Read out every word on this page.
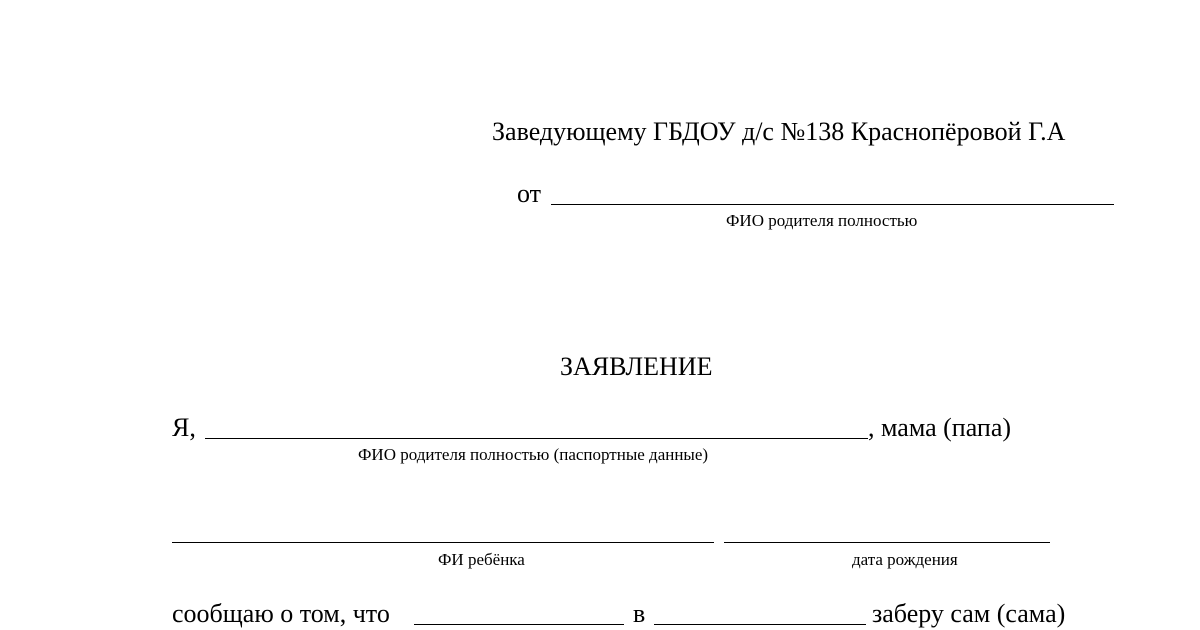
Заведующему ГБДОУ д/с №138 Краснопёровой Г.А
от
ФИО родителя полностью
ЗАЯВЛЕНИЕ
Я,	, мама (папа)
ФИО родителя полностью (паспортные данные)
ФИ ребёнка	дата рождения
сообщаю о том, что	в	заберу сам (сама)
